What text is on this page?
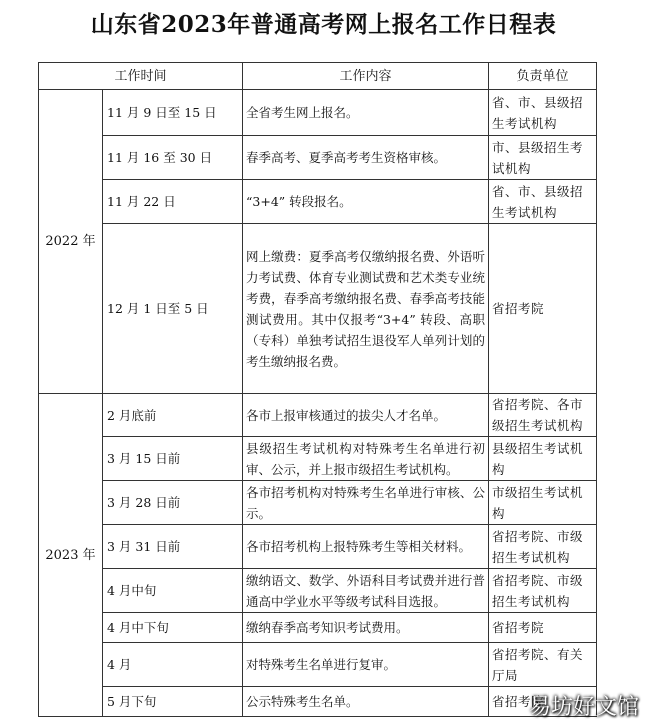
山东省2023年普通高考网上报名工作日程表
工作时间		工作内容	负责单位
2022 年	11 月 9 日至 15 日	全省考生网上报名。	省、市、县级招生考试机构
	11 月 16 至 30 日	春季高考、夏季高考考生资格审核。	市、县级招生考试机构
	11 月 22 日	“3+4” 转段报名。	省、市、县级招生考试机构
	12 月 1 日至 5 日	网上缴费：夏季高考仅缴纳报名费、外语听力考试费、体育专业测试费和艺术类专业统考费，春季高考缴纳报名费、春季高考技能测试费用。其中仅报考“3+4” 转段、高职（专科）单独考试招生退役军人单列计划的考生缴纳报名费。	省招考院
2023 年	2 月底前	各市上报审核通过的拔尖人才名单。	省招考院、各市级招生考试机构
	3 月 15 日前	县级招生考试机构对特殊考生名单进行初审、公示，并上报市级招生考试机构。	县级招生考试机构
	3 月 28 日前	各市招考机构对特殊考生名单进行审核、公示。	市级招生考试机构
	3 月 31 日前	各市招考机构上报特殊考生等相关材料。	省招考院、市级招生考试机构
	4 月中旬	缴纳语文、数学、外语科目考试费并进行普通高中学业水平等级考试科目选报。	省招考院、市级招生考试机构
	4 月中下旬	缴纳春季高考知识考试费用。	省招考院
	4 月	对特殊考生名单进行复审。	省招考院、有关厅局
	5 月下旬	公示特殊考生名单。	省招考院
易坊好文馆
